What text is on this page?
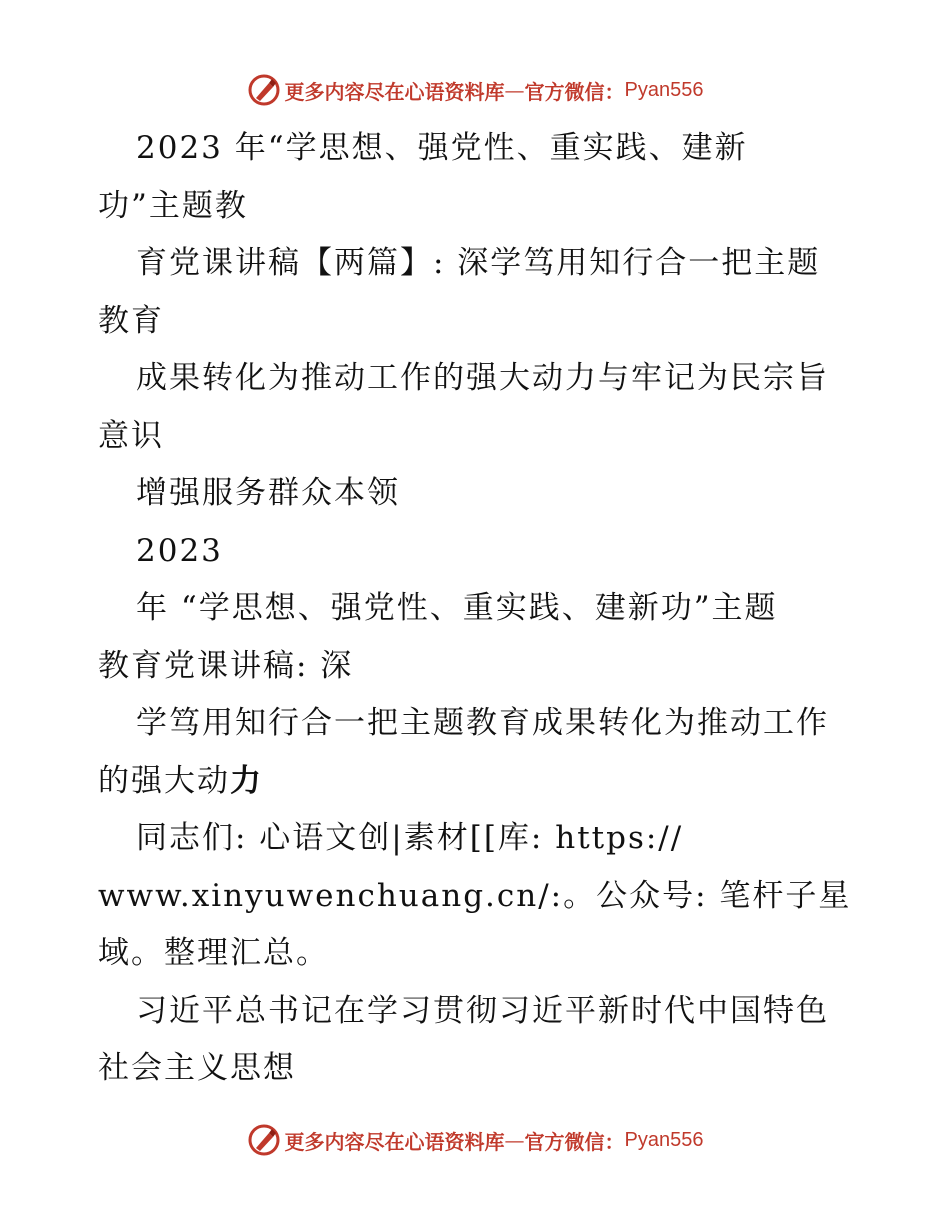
更多内容尽在心语资料库 — 官方微信： Pyan556
2023 年“学思想、强党性、重实践、建新
功”主题教
育党课讲稿【两篇】: 深学笃用知行合一把主题
教育
成果转化为推动工作的强大动力与牢记为民宗旨
意识
增强服务群众本领
2023
年 “学思想、强党性、重实践、建新功”主题
教育党课讲稿: 深
学笃用知行合一把主题教育成果转化为推动工作
的强大动力
同志们: 心语文创|素材[[库: https://
www.xinyuwenchuang.cn/:。公众号: 笔杆子星
域。整理汇总。
习近平总书记在学习贯彻习近平新时代中国特色
社会主义思想
更多内容尽在心语资料库 — 官方微信： Pyan556
